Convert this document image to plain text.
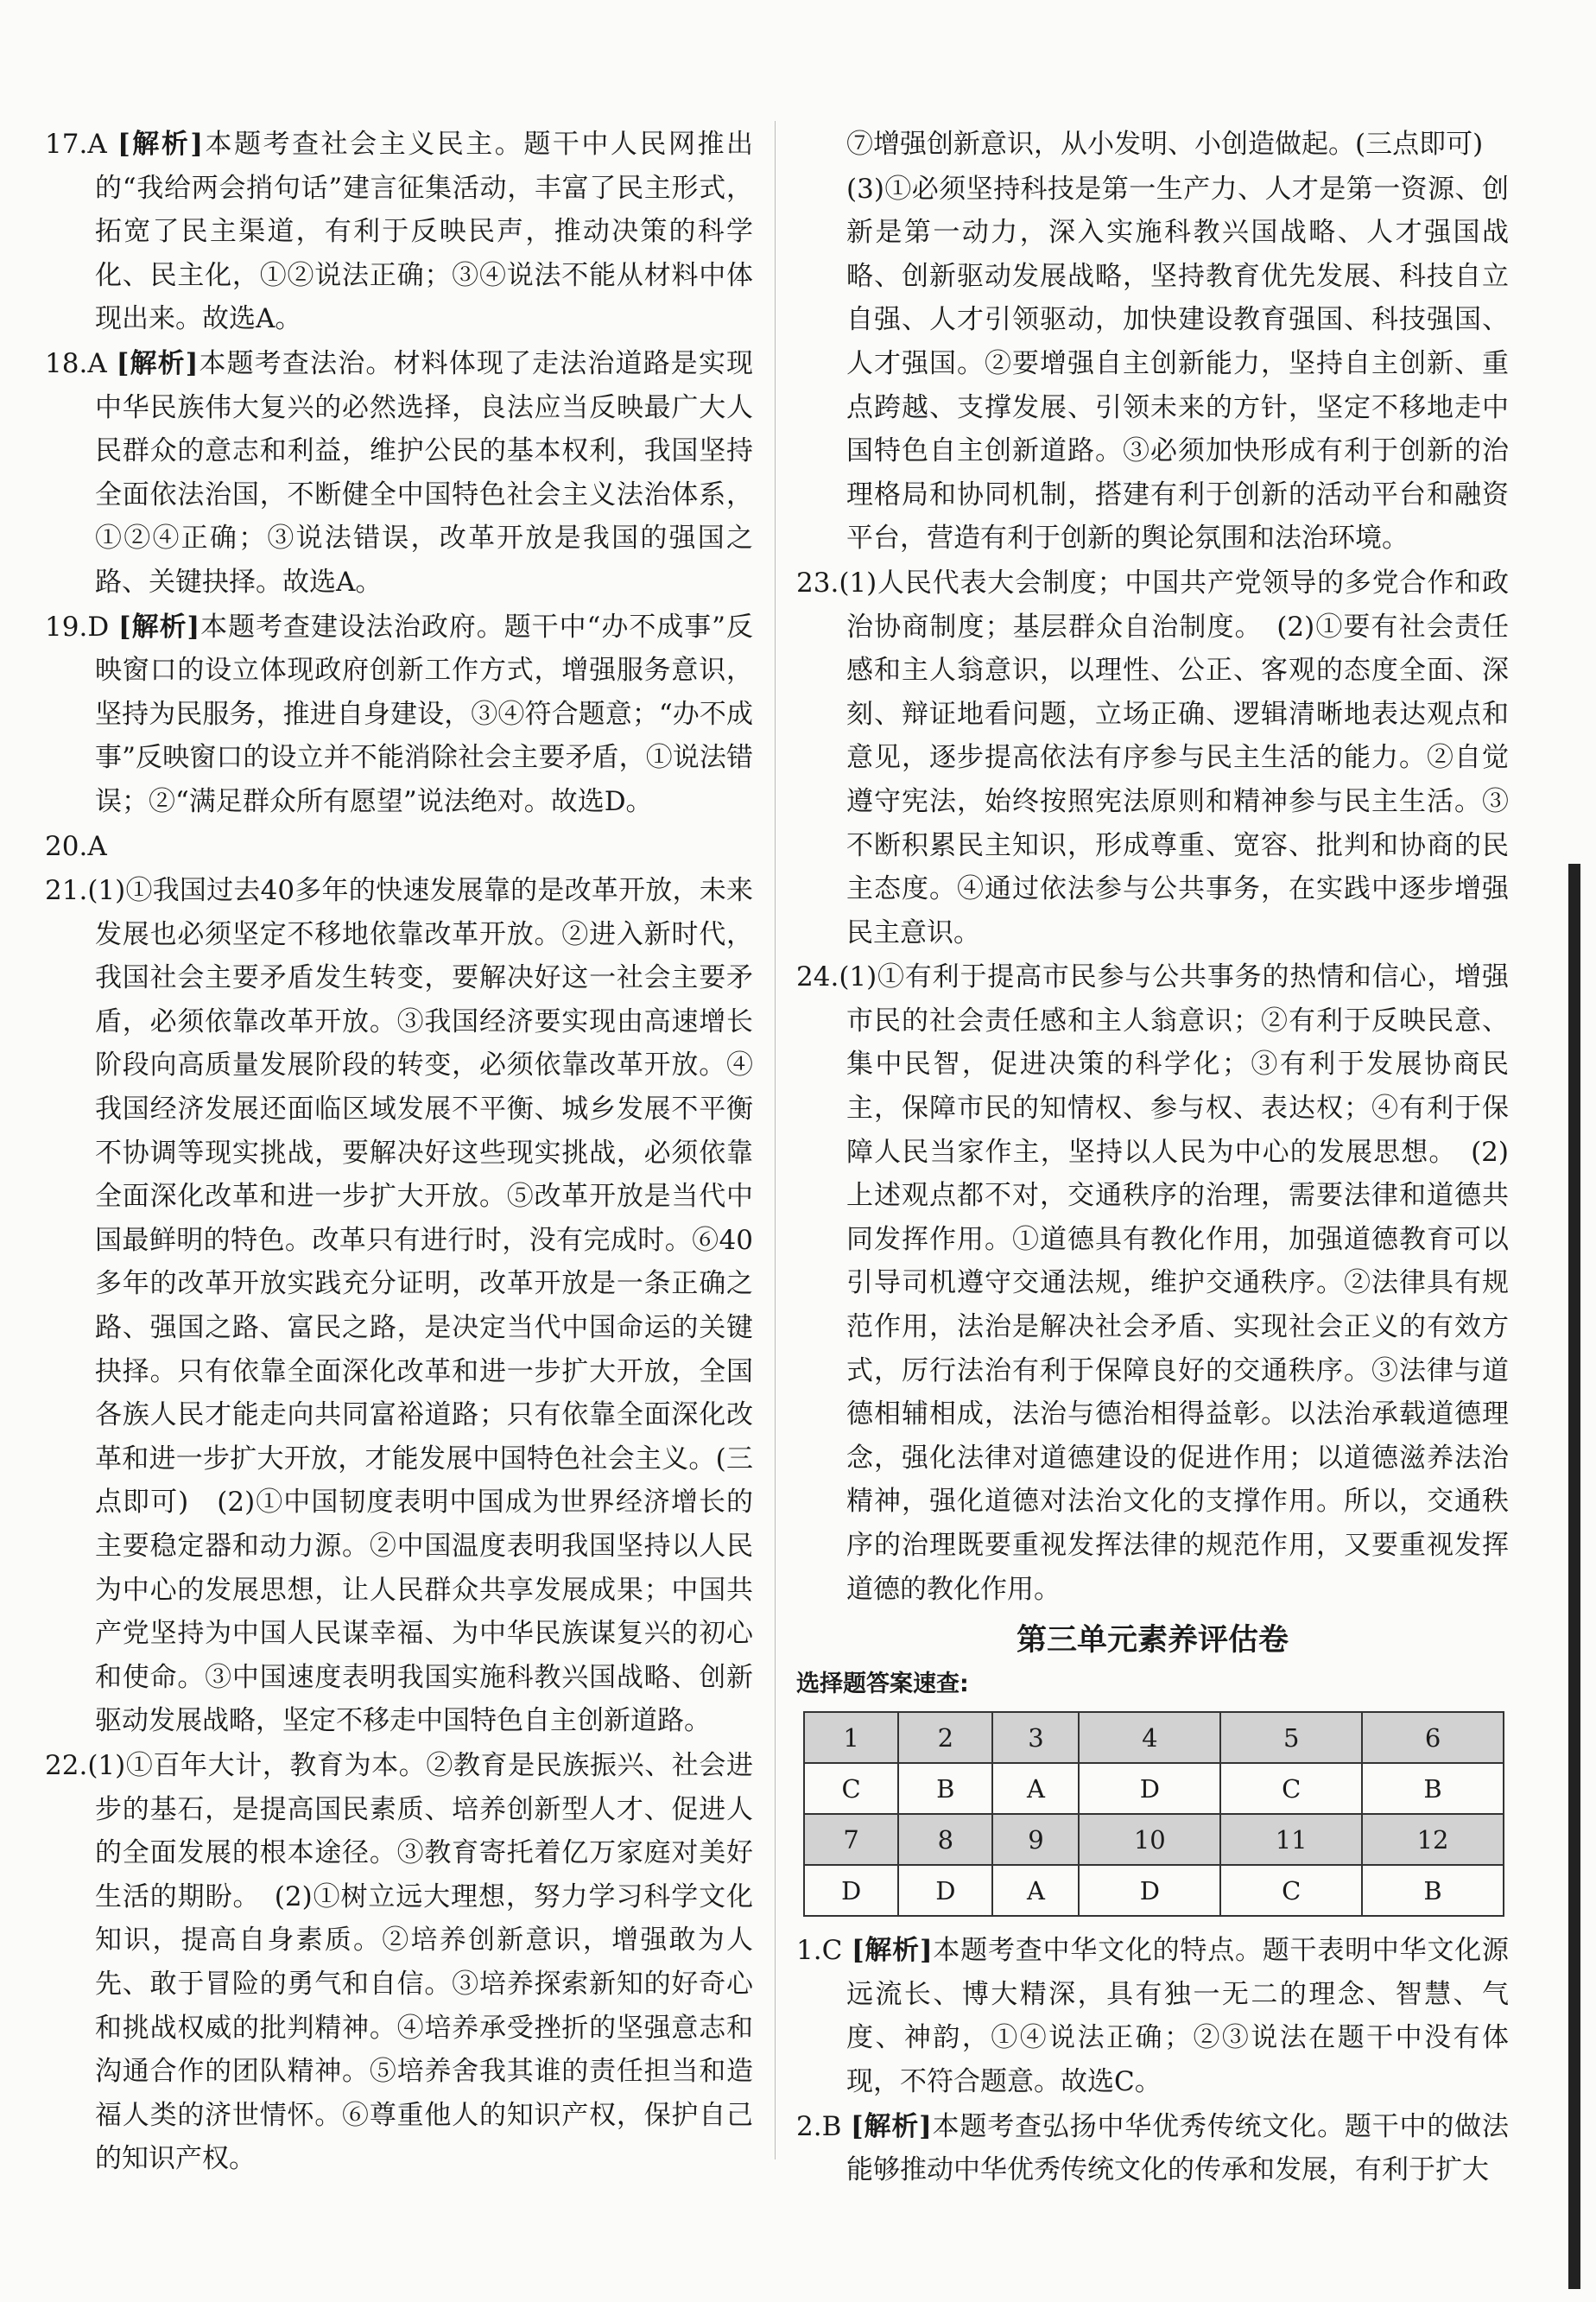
17.A [解析]本题考查社会主义民主。题干中人民网推出的“我给两会捎句话”建言征集活动，丰富了民主形式，拓宽了民主渠道，有利于反映民声，推动决策的科学化、民主化，①②说法正确；③④说法不能从材料中体现出来。故选A。

18.A [解析]本题考查法治。材料体现了走法治道路是实现中华民族伟大复兴的必然选择，良法应当反映最广大人民群众的意志和利益，维护公民的基本权利，我国坚持全面依法治国，不断健全中国特色社会主义法治体系，①②④正确；③说法错误，改革开放是我国的强国之路、关键抉择。故选A。

19.D [解析]本题考查建设法治政府。题干中“办不成事”反映窗口的设立体现政府创新工作方式，增强服务意识，坚持为民服务，推进自身建设，③④符合题意；“办不成事”反映窗口的设立并不能消除社会主要矛盾，①说法错误；②“满足群众所有愿望”说法绝对。故选D。

20.A

21.(1)①我国过去40多年的快速发展靠的是改革开放，未来发展也必须坚定不移地依靠改革开放。②进入新时代，我国社会主要矛盾发生转变，要解决好这一社会主要矛盾，必须依靠改革开放。③我国经济要实现由高速增长阶段向高质量发展阶段的转变，必须依靠改革开放。④我国经济发展还面临区域发展不平衡、城乡发展不平衡不协调等现实挑战，要解决好这些现实挑战，必须依靠全面深化改革和进一步扩大开放。⑤改革开放是当代中国最鲜明的特色。改革只有进行时，没有完成时。⑥40多年的改革开放实践充分证明，改革开放是一条正确之路、强国之路、富民之路，是决定当代中国命运的关键抉择。只有依靠全面深化改革和进一步扩大开放，全国各族人民才能走向共同富裕道路；只有依靠全面深化改革和进一步扩大开放，才能发展中国特色社会主义。(三点即可)　(2)①中国韧度表明中国成为世界经济增长的主要稳定器和动力源。②中国温度表明我国坚持以人民为中心的发展思想，让人民群众共享发展成果；中国共产党坚持为中国人民谋幸福、为中华民族谋复兴的初心和使命。③中国速度表明我国实施科教兴国战略、创新驱动发展战略，坚定不移走中国特色自主创新道路。

22.(1)①百年大计，教育为本。②教育是民族振兴、社会进步的基石，是提高国民素质、培养创新型人才、促进人的全面发展的根本途径。③教育寄托着亿万家庭对美好生活的期盼。　(2)①树立远大理想，努力学习科学文化知识，提高自身素质。②培养创新意识，增强敢为人先、敢于冒险的勇气和自信。③培养探索新知的好奇心和挑战权威的批判精神。④培养承受挫折的坚强意志和沟通合作的团队精神。⑤培养舍我其谁的责任担当和造福人类的济世情怀。⑥尊重他人的知识产权，保护自己的知识产权。

⑦增强创新意识，从小发明、小创造做起。(三点即可)

(3)①必须坚持科技是第一生产力、人才是第一资源、创新是第一动力，深入实施科教兴国战略、人才强国战略、创新驱动发展战略，坚持教育优先发展、科技自立自强、人才引领驱动，加快建设教育强国、科技强国、人才强国。②要增强自主创新能力，坚持自主创新、重点跨越、支撑发展、引领未来的方针，坚定不移地走中国特色自主创新道路。③必须加快形成有利于创新的治理格局和协同机制，搭建有利于创新的活动平台和融资平台，营造有利于创新的舆论氛围和法治环境。

23.(1)人民代表大会制度；中国共产党领导的多党合作和政治协商制度；基层群众自治制度。　(2)①要有社会责任感和主人翁意识，以理性、公正、客观的态度全面、深刻、辩证地看问题，立场正确、逻辑清晰地表达观点和意见，逐步提高依法有序参与民主生活的能力。②自觉遵守宪法，始终按照宪法原则和精神参与民主生活。③不断积累民主知识，形成尊重、宽容、批判和协商的民主态度。④通过依法参与公共事务，在实践中逐步增强民主意识。

24.(1)①有利于提高市民参与公共事务的热情和信心，增强市民的社会责任感和主人翁意识；②有利于反映民意、集中民智，促进决策的科学化；③有利于发展协商民主，保障市民的知情权、参与权、表达权；④有利于保障人民当家作主，坚持以人民为中心的发展思想。　(2)上述观点都不对，交通秩序的治理，需要法律和道德共同发挥作用。①道德具有教化作用，加强道德教育可以引导司机遵守交通法规，维护交通秩序。②法律具有规范作用，法治是解决社会矛盾、实现社会正义的有效方式，厉行法治有利于保障良好的交通秩序。③法律与道德相辅相成，法治与德治相得益彰。以法治承载道德理念，强化法律对道德建设的促进作用；以道德滋养法治精神，强化道德对法治文化的支撑作用。所以，交通秩序的治理既要重视发挥法律的规范作用，又要重视发挥道德的教化作用。

第三单元素养评估卷
选择题答案速查:
1	2	3	4	5	6
C	B	A	D	C	B
7	8	9	10	11	12
D	D	A	D	C	B

1.C [解析]本题考查中华文化的特点。题干表明中华文化源远流长、博大精深，具有独一无二的理念、智慧、气度、神韵，①④说法正确；②③说法在题干中没有体现，不符合题意。故选C。

2.B [解析]本题考查弘扬中华优秀传统文化。题干中的做法能够推动中华优秀传统文化的传承和发展，有利于扩大
